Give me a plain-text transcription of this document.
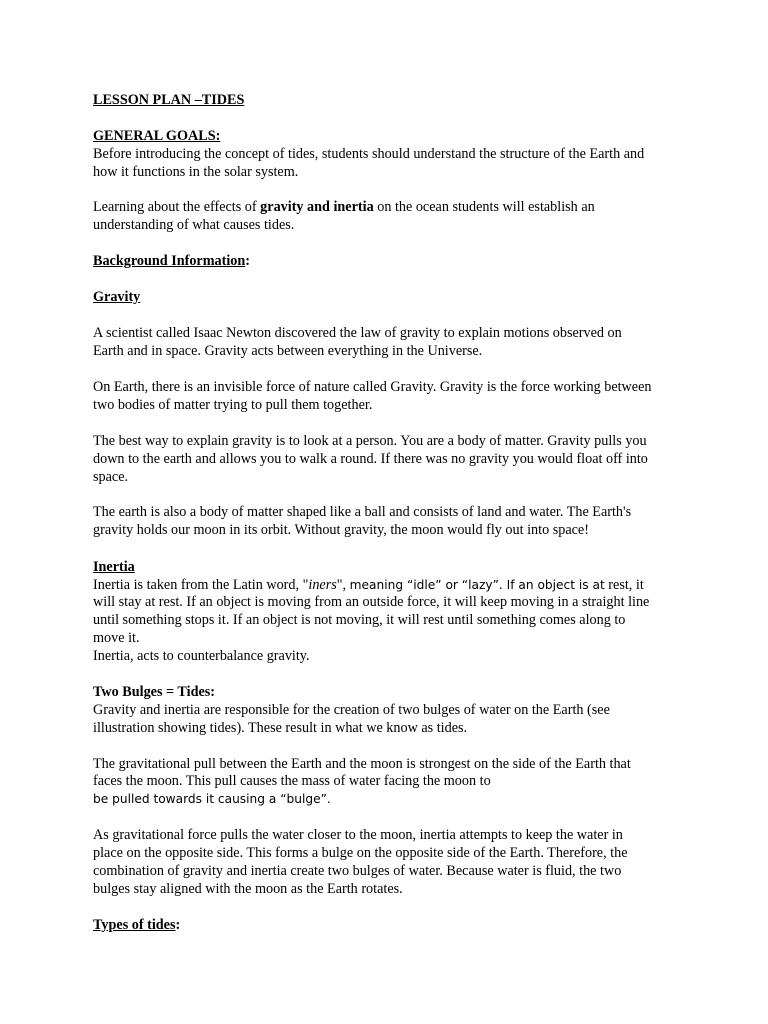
LESSON PLAN –TIDES

GENERAL GOALS:
Before introducing the concept of tides, students should understand the structure of the Earth and how it functions in the solar system.

Learning about the effects of gravity and inertia on the ocean students will establish an understanding of what causes tides.

Background Information:

Gravity

A scientist called Isaac Newton discovered the law of gravity to explain motions observed on Earth and in space. Gravity acts between everything in the Universe.

On Earth, there is an invisible force of nature called Gravity. Gravity is the force working between two bodies of matter trying to pull them together.

The best way to explain gravity is to look at a person. You are a body of matter. Gravity pulls you down to the earth and allows you to walk a round. If there was no gravity you would float off into space.

The earth is also a body of matter shaped like a ball and consists of land and water. The Earth's gravity holds our moon in its orbit. Without gravity, the moon would fly out into space!

Inertia
Inertia is taken from the Latin word, "iners", meaning “idle” or “lazy”. If an object is at rest, it will stay at rest. If an object is moving from an outside force, it will keep moving in a straight line until something stops it. If an object is not moving, it will rest until something comes along to move it.
Inertia, acts to counterbalance gravity.

Two Bulges = Tides:
Gravity and inertia are responsible for the creation of two bulges of water on the Earth (see illustration showing tides). These result in what we know as tides.

The gravitational pull between the Earth and the moon is strongest on the side of the Earth that faces the moon. This pull causes the mass of water facing the moon to
be pulled towards it causing a “bulge”.

As gravitational force pulls the water closer to the moon, inertia attempts to keep the water in place on the opposite side. This forms a bulge on the opposite side of the Earth. Therefore, the combination of gravity and inertia create two bulges of water. Because water is fluid, the two bulges stay aligned with the moon as the Earth rotates.

Types of tides:
